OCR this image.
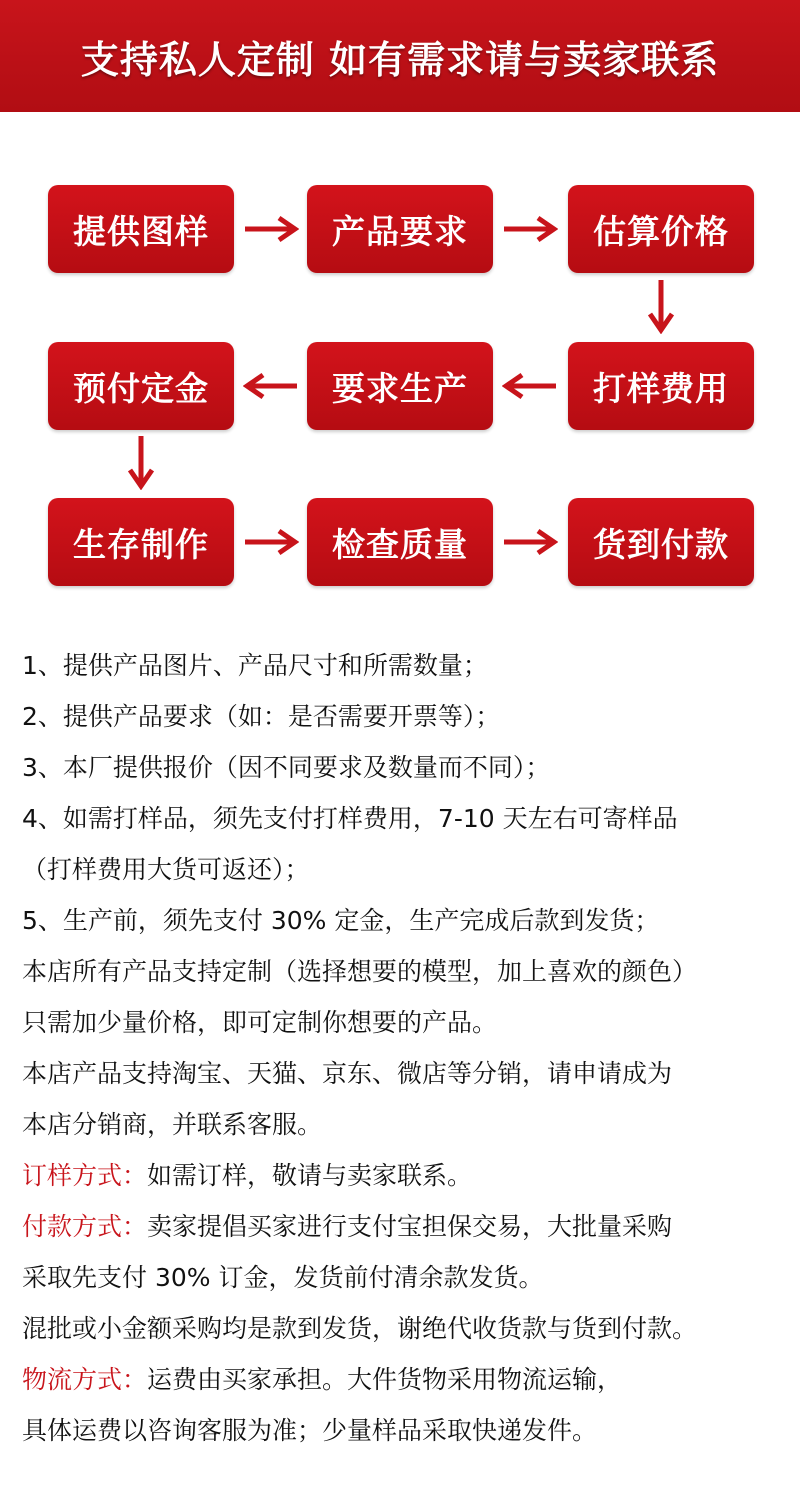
支持私人定制 如有需求请与卖家联系
提供图样	产品要求	估算价格
预付定金	要求生产	打样费用
生存制作	检查质量	货到付款
1、提供产品图片、产品尺寸和所需数量；
2、提供产品要求（如：是否需要开票等）；
3、本厂提供报价（因不同要求及数量而不同）；
4、如需打样品，须先支付打样费用，7-10 天左右可寄样品
（打样费用大货可返还）；
5、生产前，须先支付 30% 定金，生产完成后款到发货；
本店所有产品支持定制（选择想要的模型，加上喜欢的颜色）
只需加少量价格，即可定制你想要的产品。
本店产品支持淘宝、天猫、京东、微店等分销，请申请成为
本店分销商，并联系客服。
订样方式：如需订样，敬请与卖家联系。
付款方式：卖家提倡买家进行支付宝担保交易，大批量采购
采取先支付 30% 订金，发货前付清余款发货。
混批或小金额采购均是款到发货，谢绝代收货款与货到付款。
物流方式：运费由买家承担。大件货物采用物流运输，
具体运费以咨询客服为准；少量样品采取快递发件。
